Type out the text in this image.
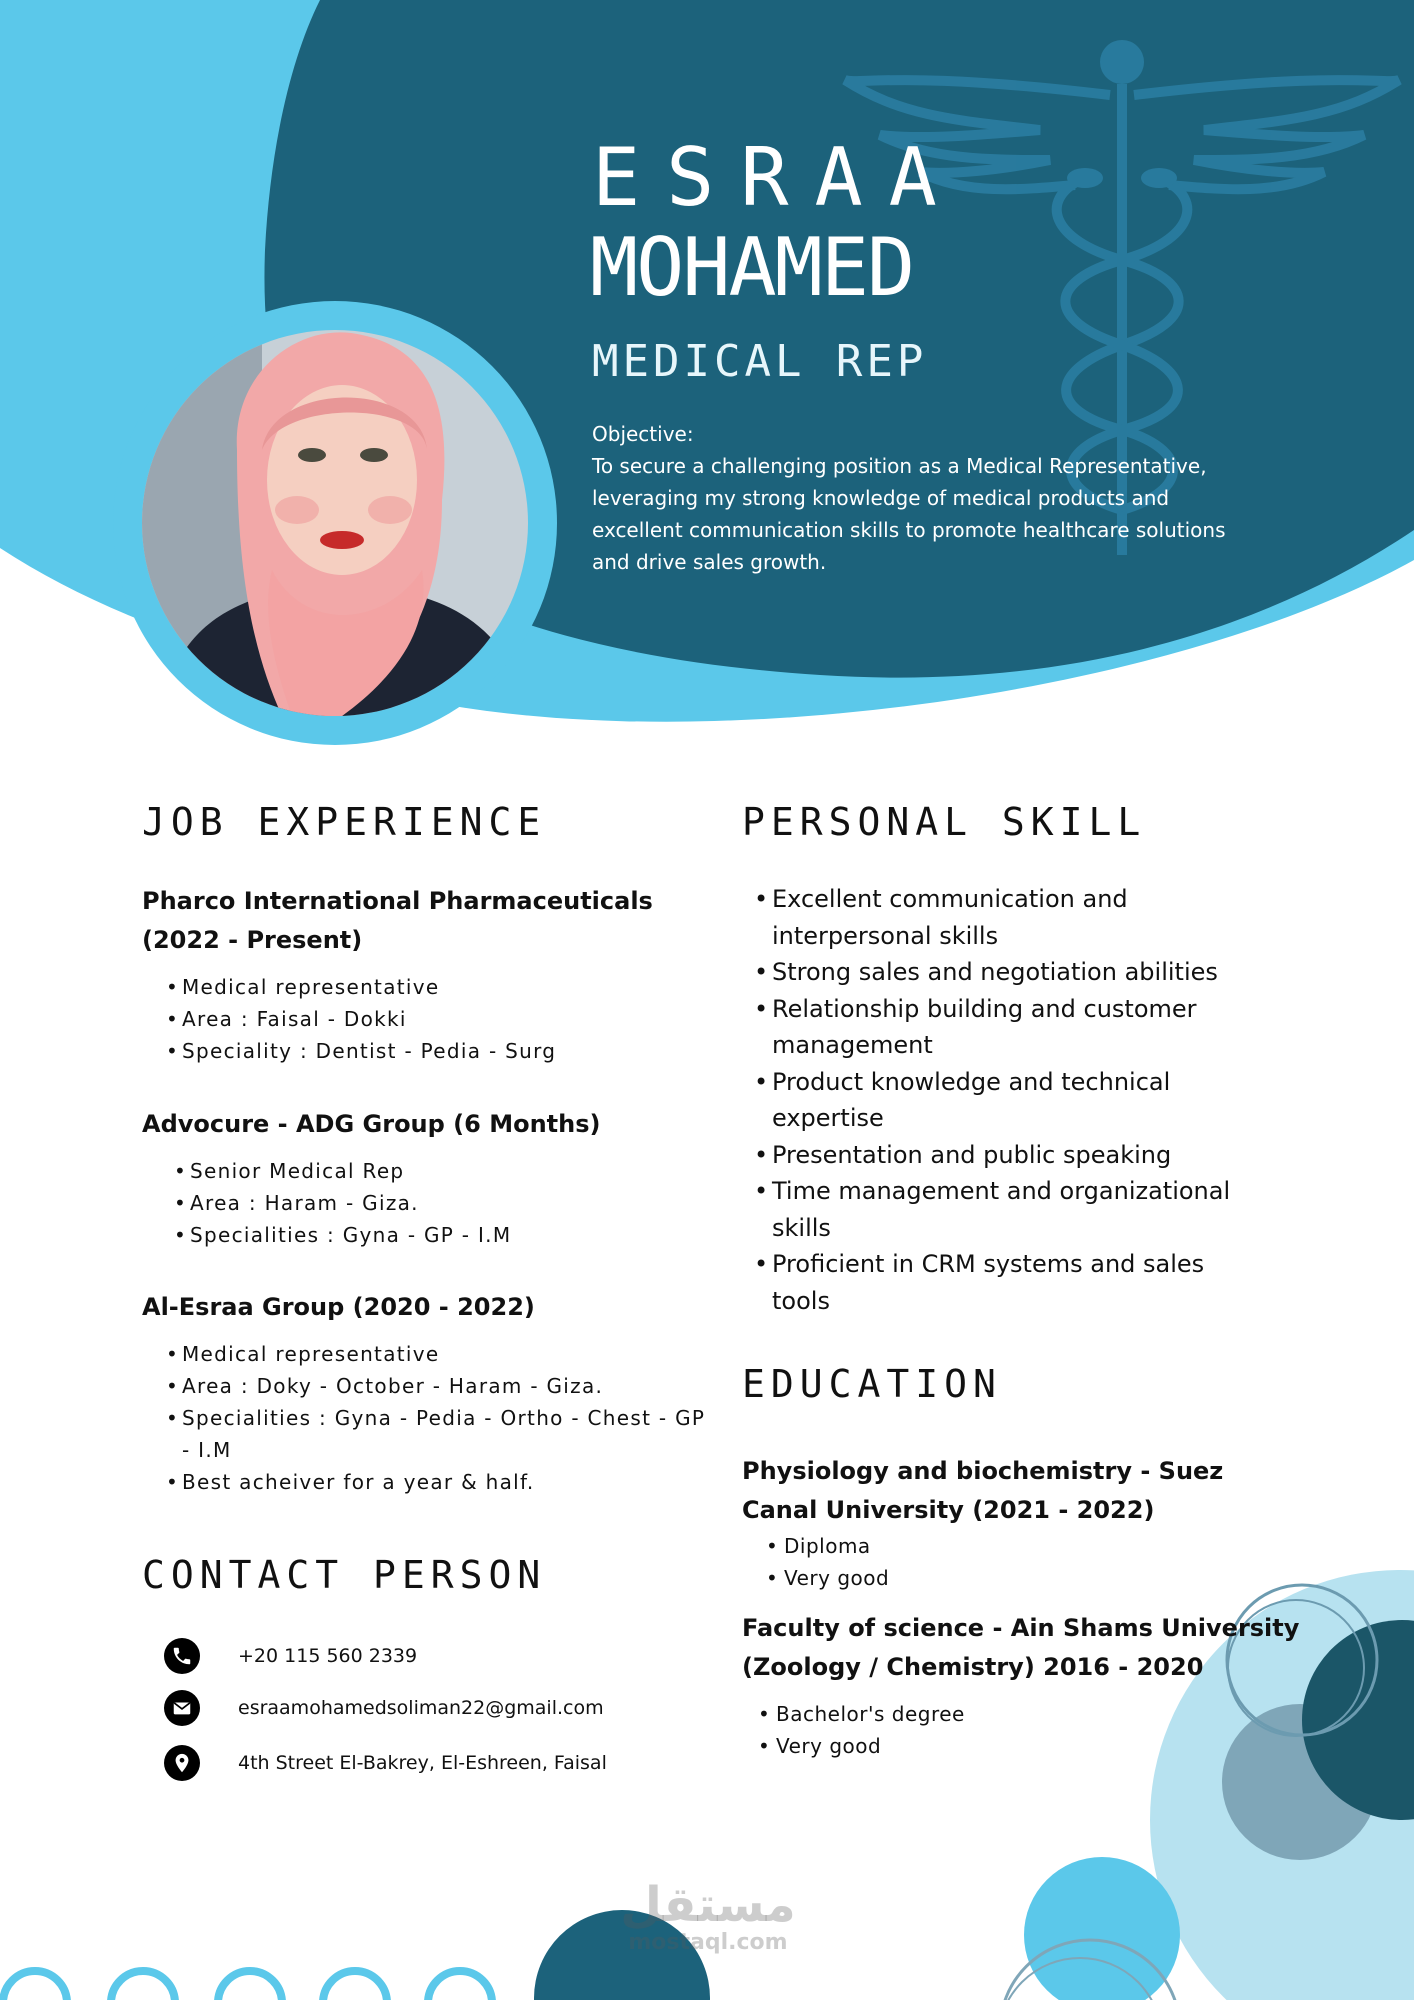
ESRAA
MOHAMED
MEDICAL REP
Objective:
To secure a challenging position as a Medical Representative, leveraging my strong knowledge of medical products and excellent communication skills to promote healthcare solutions and drive sales growth.
JOB EXPERIENCE
Pharco International Pharmaceuticals (2022 - Present)
• Medical representative
• Area : Faisal - Dokki
• Speciality : Dentist - Pedia - Surg
Advocure - ADG Group (6 Months)
• Senior Medical Rep
• Area : Haram - Giza.
• Specialities : Gyna - GP - I.M
Al-Esraa Group (2020 - 2022)
• Medical representative
• Area : Doky - October - Haram - Giza.
• Specialities : Gyna - Pedia - Ortho - Chest - GP - I.M
• Best acheiver for a year & half.
CONTACT PERSON
+20 115 560 2339
esraamohamedsoliman22@gmail.com
4th Street El-Bakrey, El-Eshreen, Faisal
PERSONAL SKILL
• Excellent communication and interpersonal skills
• Strong sales and negotiation abilities
• Relationship building and customer management
• Product knowledge and technical expertise
• Presentation and public speaking
• Time management and organizational skills
• Proficient in CRM systems and sales tools
EDUCATION
Physiology and biochemistry - Suez Canal University (2021 - 2022)
• Diploma
• Very good
Faculty of science - Ain Shams University (Zoology / Chemistry) 2016 - 2020
• Bachelor's degree
• Very good
مستقل
mostaql.com
